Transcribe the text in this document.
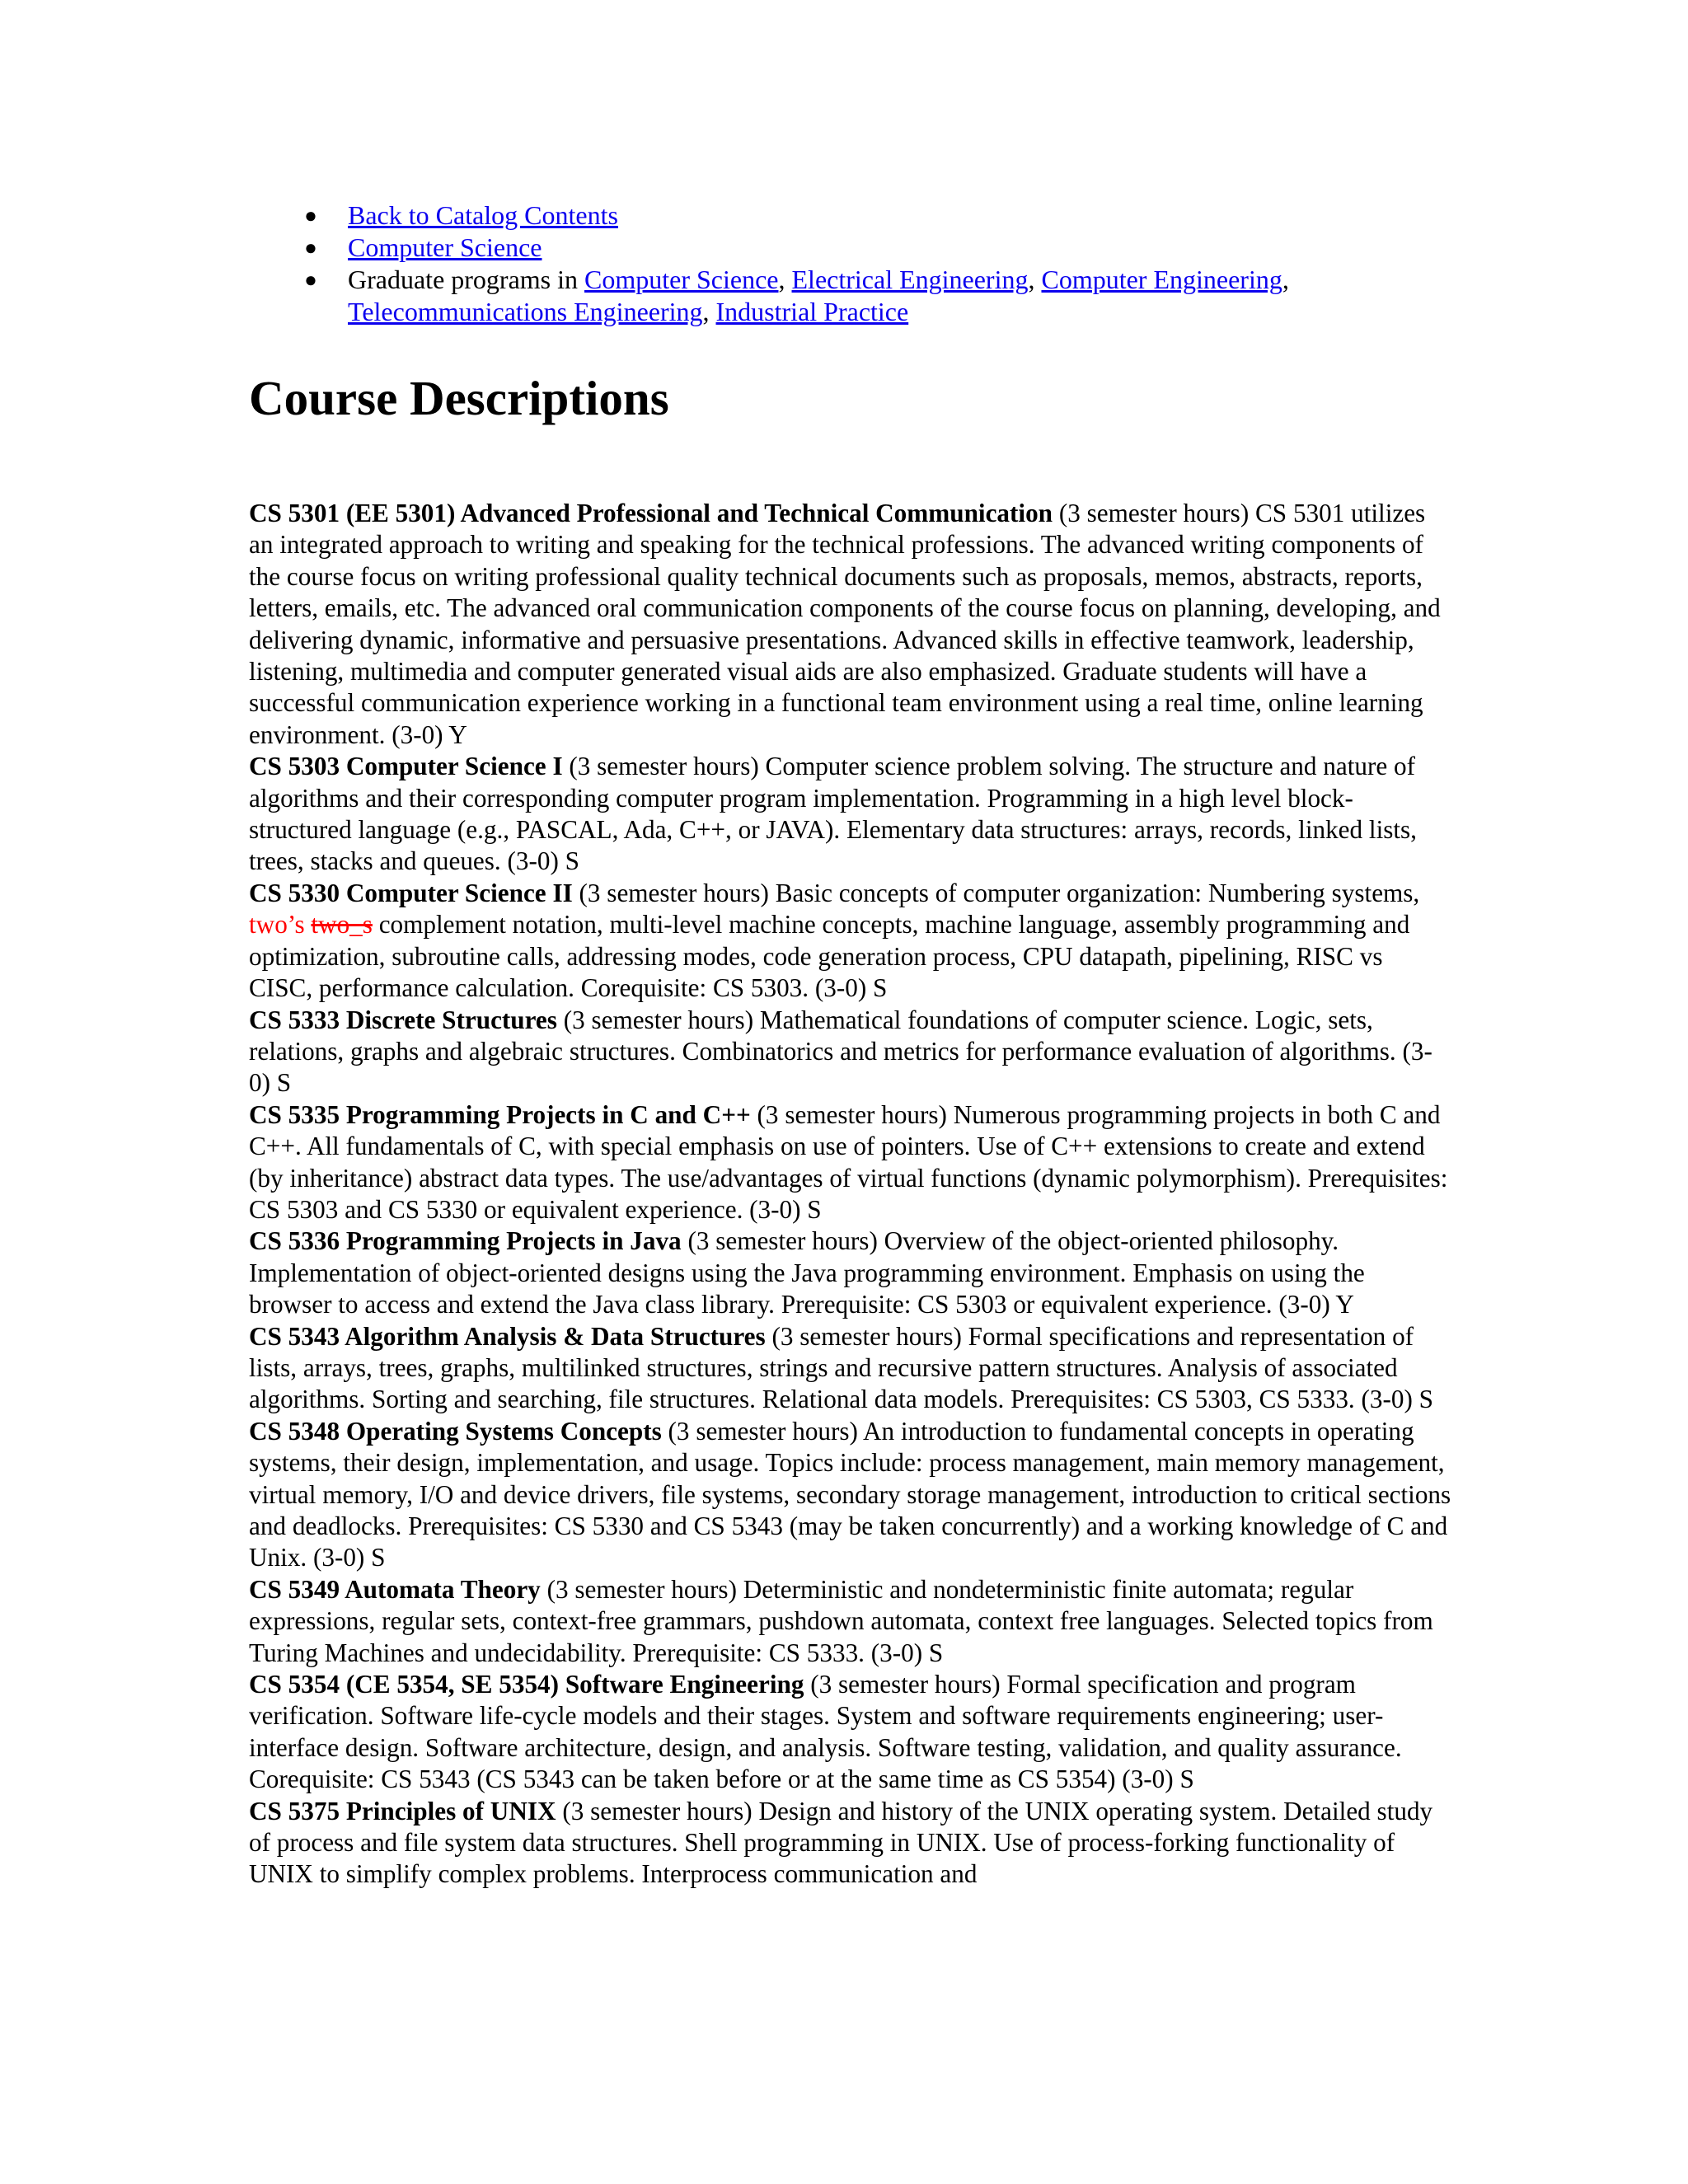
● Back to Catalog Contents
● Computer Science
● Graduate programs in Computer Science, Electrical Engineering, Computer Engineering, Telecommunications Engineering, Industrial Practice
Course Descriptions

CS 5301 (EE 5301) Advanced Professional and Technical Communication (3 semester hours) CS 5301 utilizes an integrated approach to writing and speaking for the technical professions. The advanced writing components of the course focus on writing professional quality technical documents such as proposals, memos, abstracts, reports, letters, emails, etc. The advanced oral communication components of the course focus on planning, developing, and delivering dynamic, informative and persuasive presentations. Advanced skills in effective teamwork, leadership, listening, multimedia and computer generated visual aids are also emphasized. Graduate students will have a successful communication experience working in a functional team environment using a real time, online learning environment. (3-0) Y

CS 5303 Computer Science I (3 semester hours) Computer science problem solving. The structure and nature of algorithms and their corresponding computer program implementation. Programming in a high level block-structured language (e.g., PASCAL, Ada, C++, or JAVA). Elementary data structures: arrays, records, linked lists, trees, stacks and queues. (3-0) S

CS 5330 Computer Science II (3 semester hours) Basic concepts of computer organization: Numbering systems, two’s two_s complement notation, multi-level machine concepts, machine language, assembly programming and optimization, subroutine calls, addressing modes, code generation process, CPU datapath, pipelining, RISC vs CISC, performance calculation. Corequisite: CS 5303. (3-0) S

CS 5333 Discrete Structures (3 semester hours) Mathematical foundations of computer science. Logic, sets, relations, graphs and algebraic structures. Combinatorics and metrics for performance evaluation of algorithms. (3-0) S

CS 5335 Programming Projects in C and C++ (3 semester hours) Numerous programming projects in both C and C++. All fundamentals of C, with special emphasis on use of pointers. Use of C++ extensions to create and extend (by inheritance) abstract data types. The use/advantages of virtual functions (dynamic polymorphism). Prerequisites: CS 5303 and CS 5330 or equivalent experience. (3-0) S

CS 5336 Programming Projects in Java (3 semester hours) Overview of the object-oriented philosophy. Implementation of object-oriented designs using the Java programming environment. Emphasis on using the browser to access and extend the Java class library. Prerequisite: CS 5303 or equivalent experience. (3-0) Y

CS 5343 Algorithm Analysis & Data Structures (3 semester hours) Formal specifications and representation of lists, arrays, trees, graphs, multilinked structures, strings and recursive pattern structures. Analysis of associated algorithms. Sorting and searching, file structures. Relational data models. Prerequisites: CS 5303, CS 5333. (3-0) S

CS 5348 Operating Systems Concepts (3 semester hours) An introduction to fundamental concepts in operating systems, their design, implementation, and usage. Topics include: process management, main memory management, virtual memory, I/O and device drivers, file systems, secondary storage management, introduction to critical sections and deadlocks. Prerequisites: CS 5330 and CS 5343 (may be taken concurrently) and a working knowledge of C and Unix. (3-0) S

CS 5349 Automata Theory (3 semester hours) Deterministic and nondeterministic finite automata; regular expressions, regular sets, context-free grammars, pushdown automata, context free languages. Selected topics from Turing Machines and undecidability. Prerequisite: CS 5333. (3-0) S

CS 5354 (CE 5354, SE 5354) Software Engineering (3 semester hours) Formal specification and program verification. Software life-cycle models and their stages. System and software requirements engineering; user-interface design. Software architecture, design, and analysis. Software testing, validation, and quality assurance. Corequisite: CS 5343 (CS 5343 can be taken before or at the same time as CS 5354) (3-0) S

CS 5375 Principles of UNIX (3 semester hours) Design and history of the UNIX operating system. Detailed study of process and file system data structures. Shell programming in UNIX. Use of process-forking functionality of UNIX to simplify complex problems. Interprocess communication and
